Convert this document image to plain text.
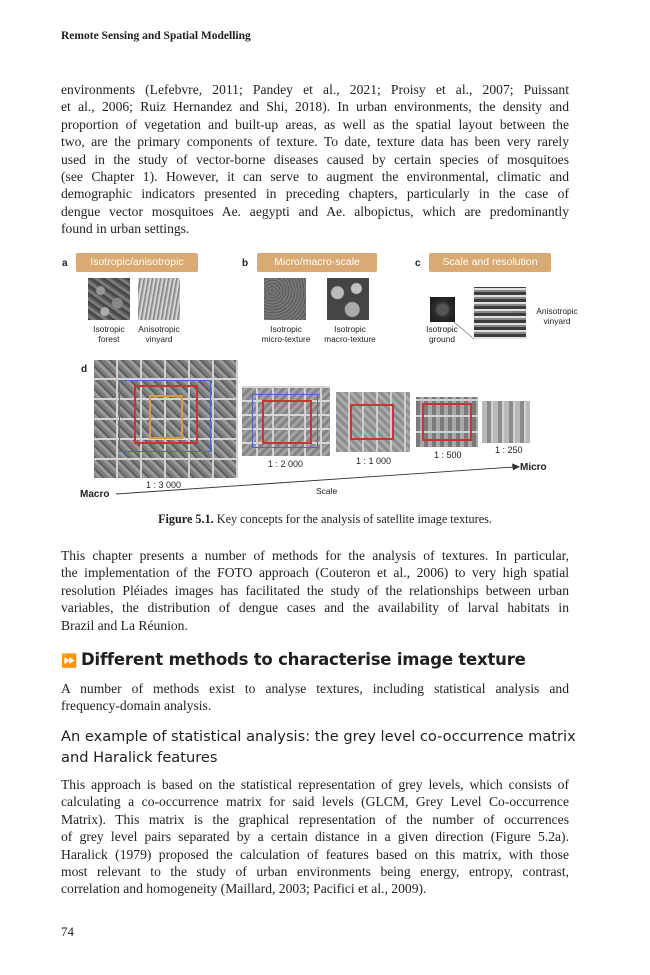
Remote Sensing and Spatial Modelling
environments (Lefebvre, 2011; Pandey et al., 2021; Proisy et al., 2007; Puissant
et al., 2006; Ruiz Hernandez and Shi, 2018). In urban environments, the density and
proportion of vegetation and built-up areas, as well as the spatial layout between the
two, are the primary components of texture. To date, texture data has been very rarely
used in the study of vector-borne diseases caused by certain species of mosquitoes
(see Chapter 1). However, it can serve to augment the environmental, climatic and
demographic indicators presented in preceding chapters, particularly in the case of
dengue vector mosquitoes Ae. aegypti and Ae. albopictus, which are predominantly
found in urban settings.
a	Isotropic/anisotropic
Isotropic
forest
Anisotropic
vinyard
b	Micro/macro-scale
Isotropic
micro-texture
Isotropic
macro-texture
c	Scale and resolution
Isotropic
ground
Anisotropic
vinyard
d
1 : 3 000
1 : 2 000	1 : 1 000
1 : 500	1 : 250
Macro	Scale
Micro
Figure 5.1. Key concepts for the analysis of satellite image textures.
This chapter presents a number of methods for the analysis of textures. In particular,
the implementation of the FOTO approach (Couteron et al., 2006) to very high spatial
resolution Pléiades images has facilitated the study of the relationships between urban
variables, the distribution of dengue cases and the availability of larval habitats in
Brazil and La Réunion.
⏩ Different methods to characterise image texture
A number of methods exist to analyse textures, including statistical analysis and
frequency-domain analysis.
An example of statistical analysis: the grey level co-occurrence matrix
and Haralick features
This approach is based on the statistical representation of grey levels, which consists of
calculating a co-occurrence matrix for said levels (GLCM, Grey Level Co-occurrence
Matrix). This matrix is the graphical representation of the number of occurrences
of grey level pairs separated by a certain distance in a given direction (Figure 5.2a).
Haralick (1979) proposed the calculation of features based on this matrix, with those
most relevant to the study of urban environments being energy, entropy, contrast,
correlation and homogeneity (Maillard, 2003; Pacifici et al., 2009).
74
